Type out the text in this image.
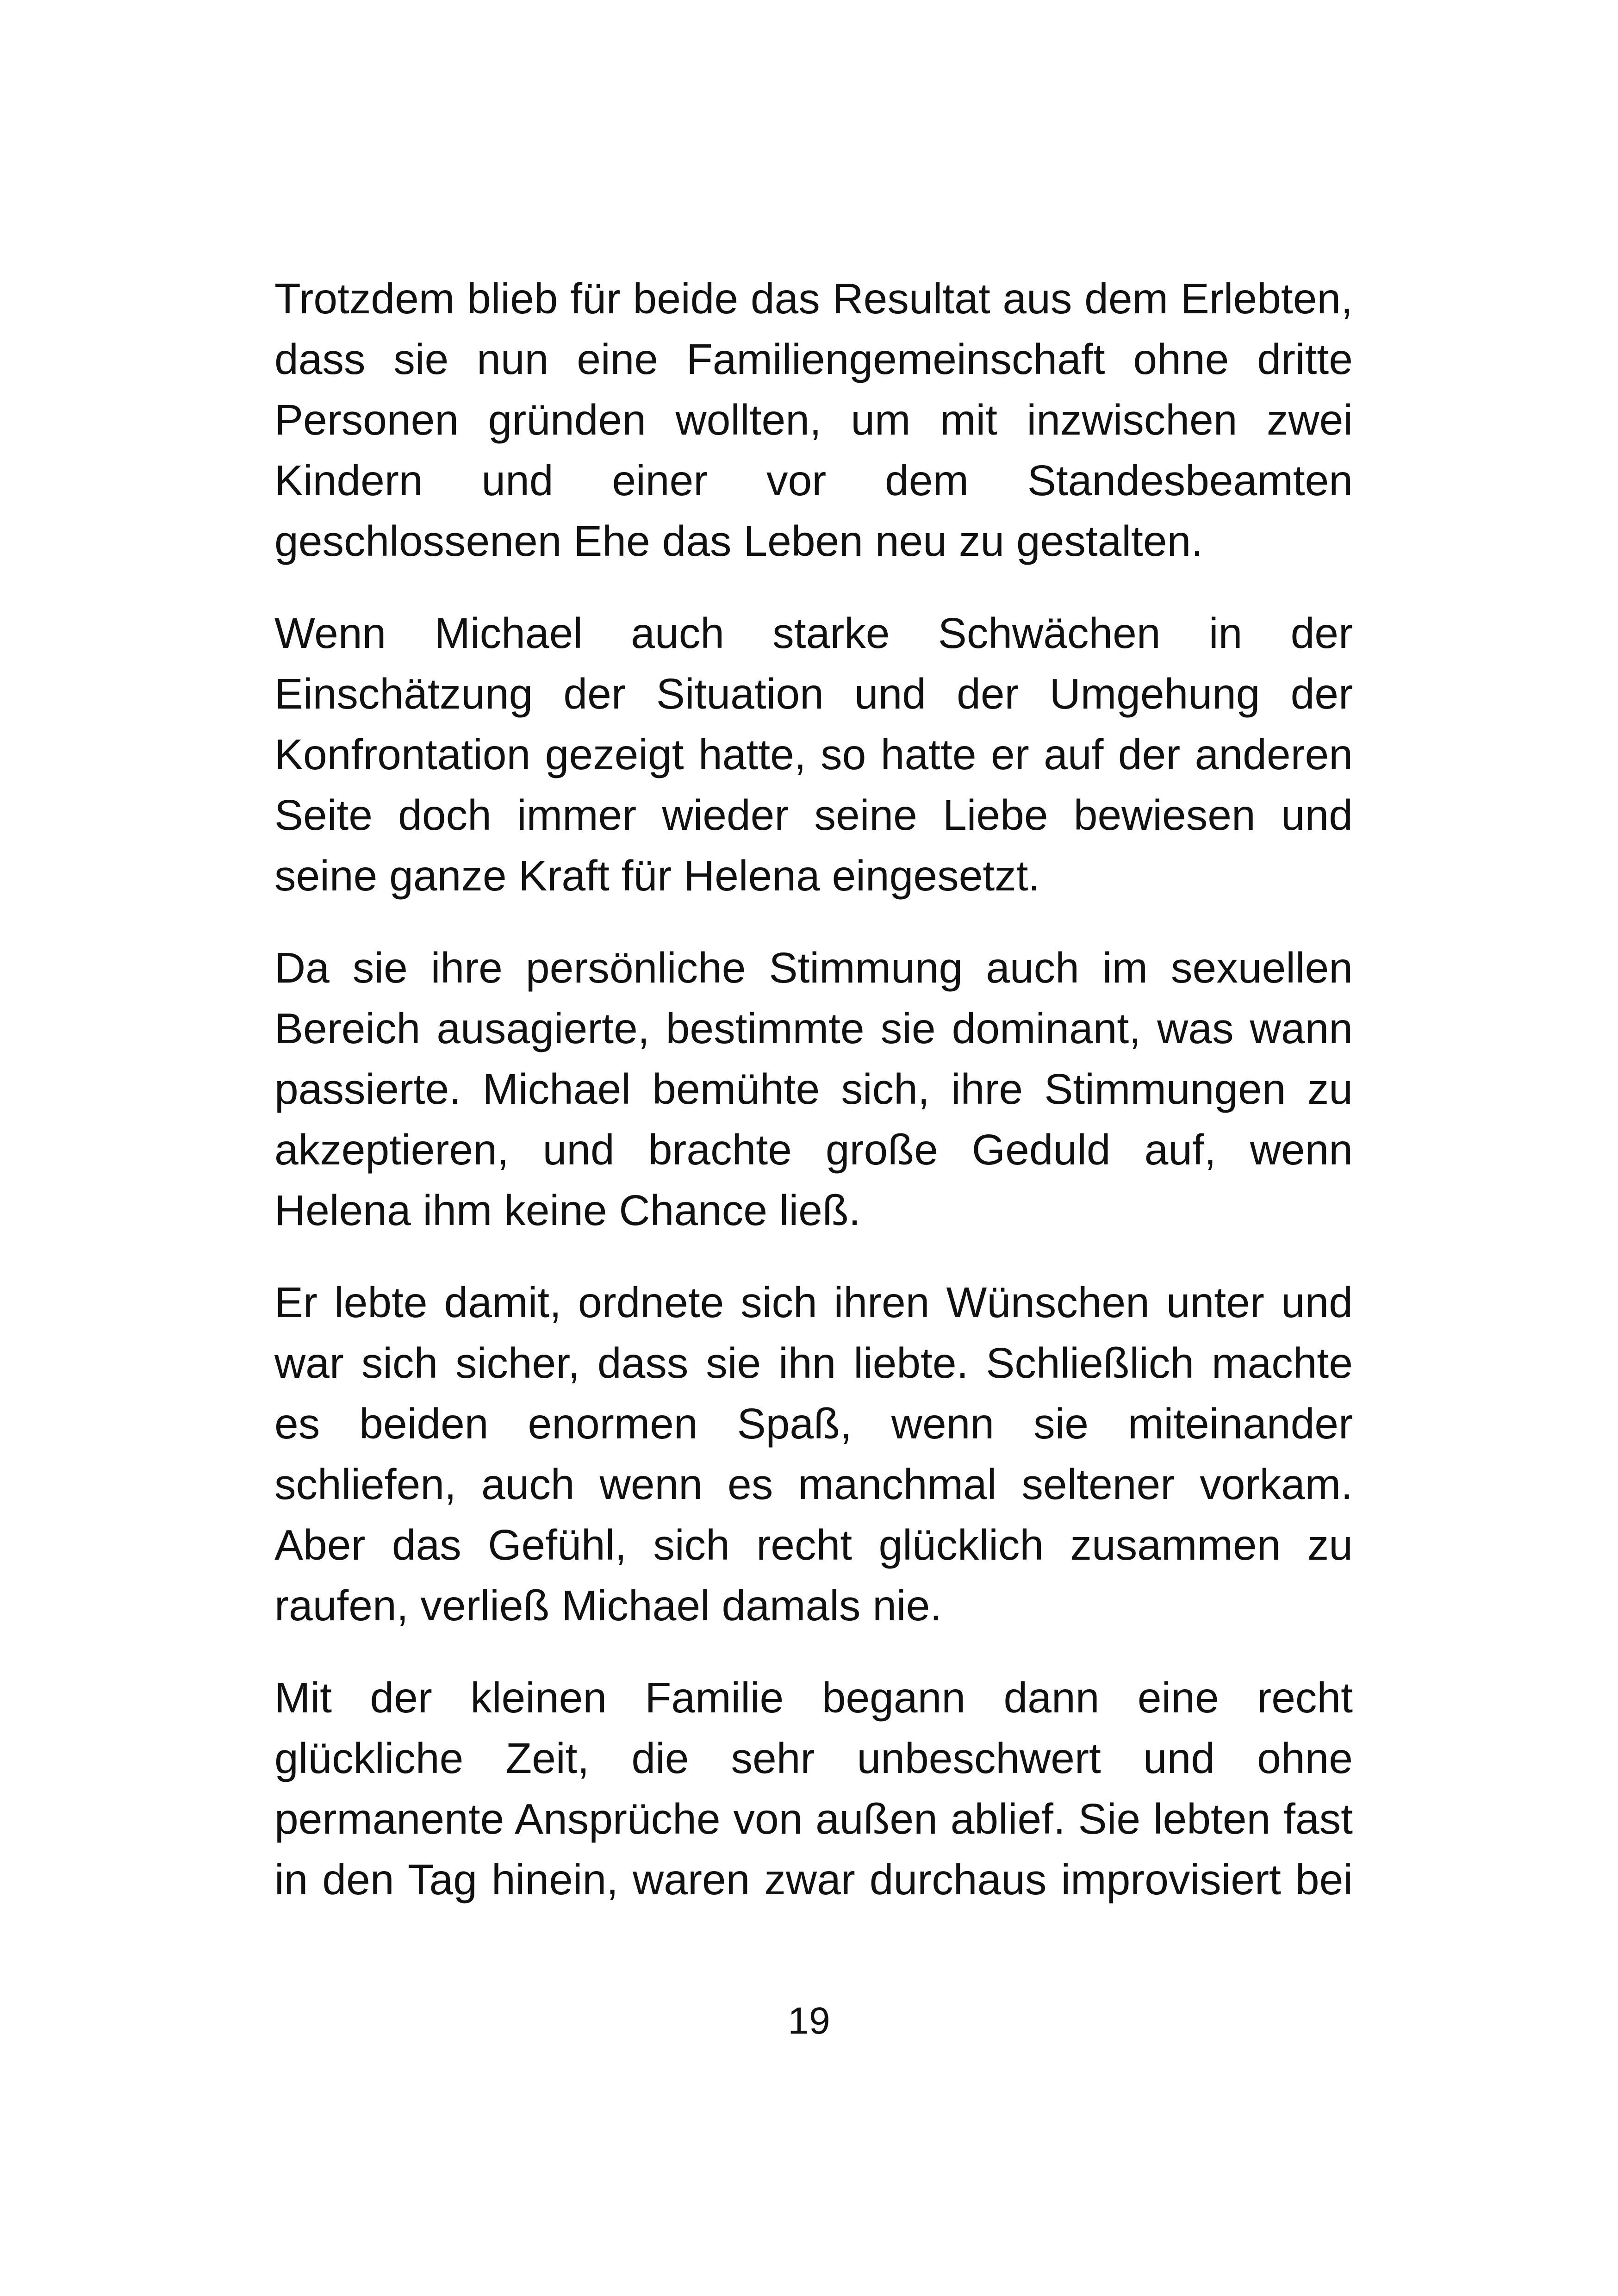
Trotzdem blieb für beide das Resultat aus dem Erlebten,
dass sie nun eine Familiengemeinschaft ohne dritte
Personen gründen wollten, um mit inzwischen zwei
Kindern und einer vor dem Standesbeamten
geschlossenen Ehe das Leben neu zu gestalten.
Wenn Michael auch starke Schwächen in der
Einschätzung der Situation und der Umgehung der
Konfrontation gezeigt hatte, so hatte er auf der anderen
Seite doch immer wieder seine Liebe bewiesen und
seine ganze Kraft für Helena eingesetzt.
Da sie ihre persönliche Stimmung auch im sexuellen
Bereich ausagierte, bestimmte sie dominant, was wann
passierte. Michael bemühte sich, ihre Stimmungen zu
akzeptieren, und brachte große Geduld auf, wenn
Helena ihm keine Chance ließ.
Er lebte damit, ordnete sich ihren Wünschen unter und
war sich sicher, dass sie ihn liebte. Schließlich machte
es beiden enormen Spaß, wenn sie miteinander
schliefen, auch wenn es manchmal seltener vorkam.
Aber das Gefühl, sich recht glücklich zusammen zu
raufen, verließ Michael damals nie.
Mit der kleinen Familie begann dann eine recht
glückliche Zeit, die sehr unbeschwert und ohne
permanente Ansprüche von außen ablief. Sie lebten fast
in den Tag hinein, waren zwar durchaus improvisiert bei
19
